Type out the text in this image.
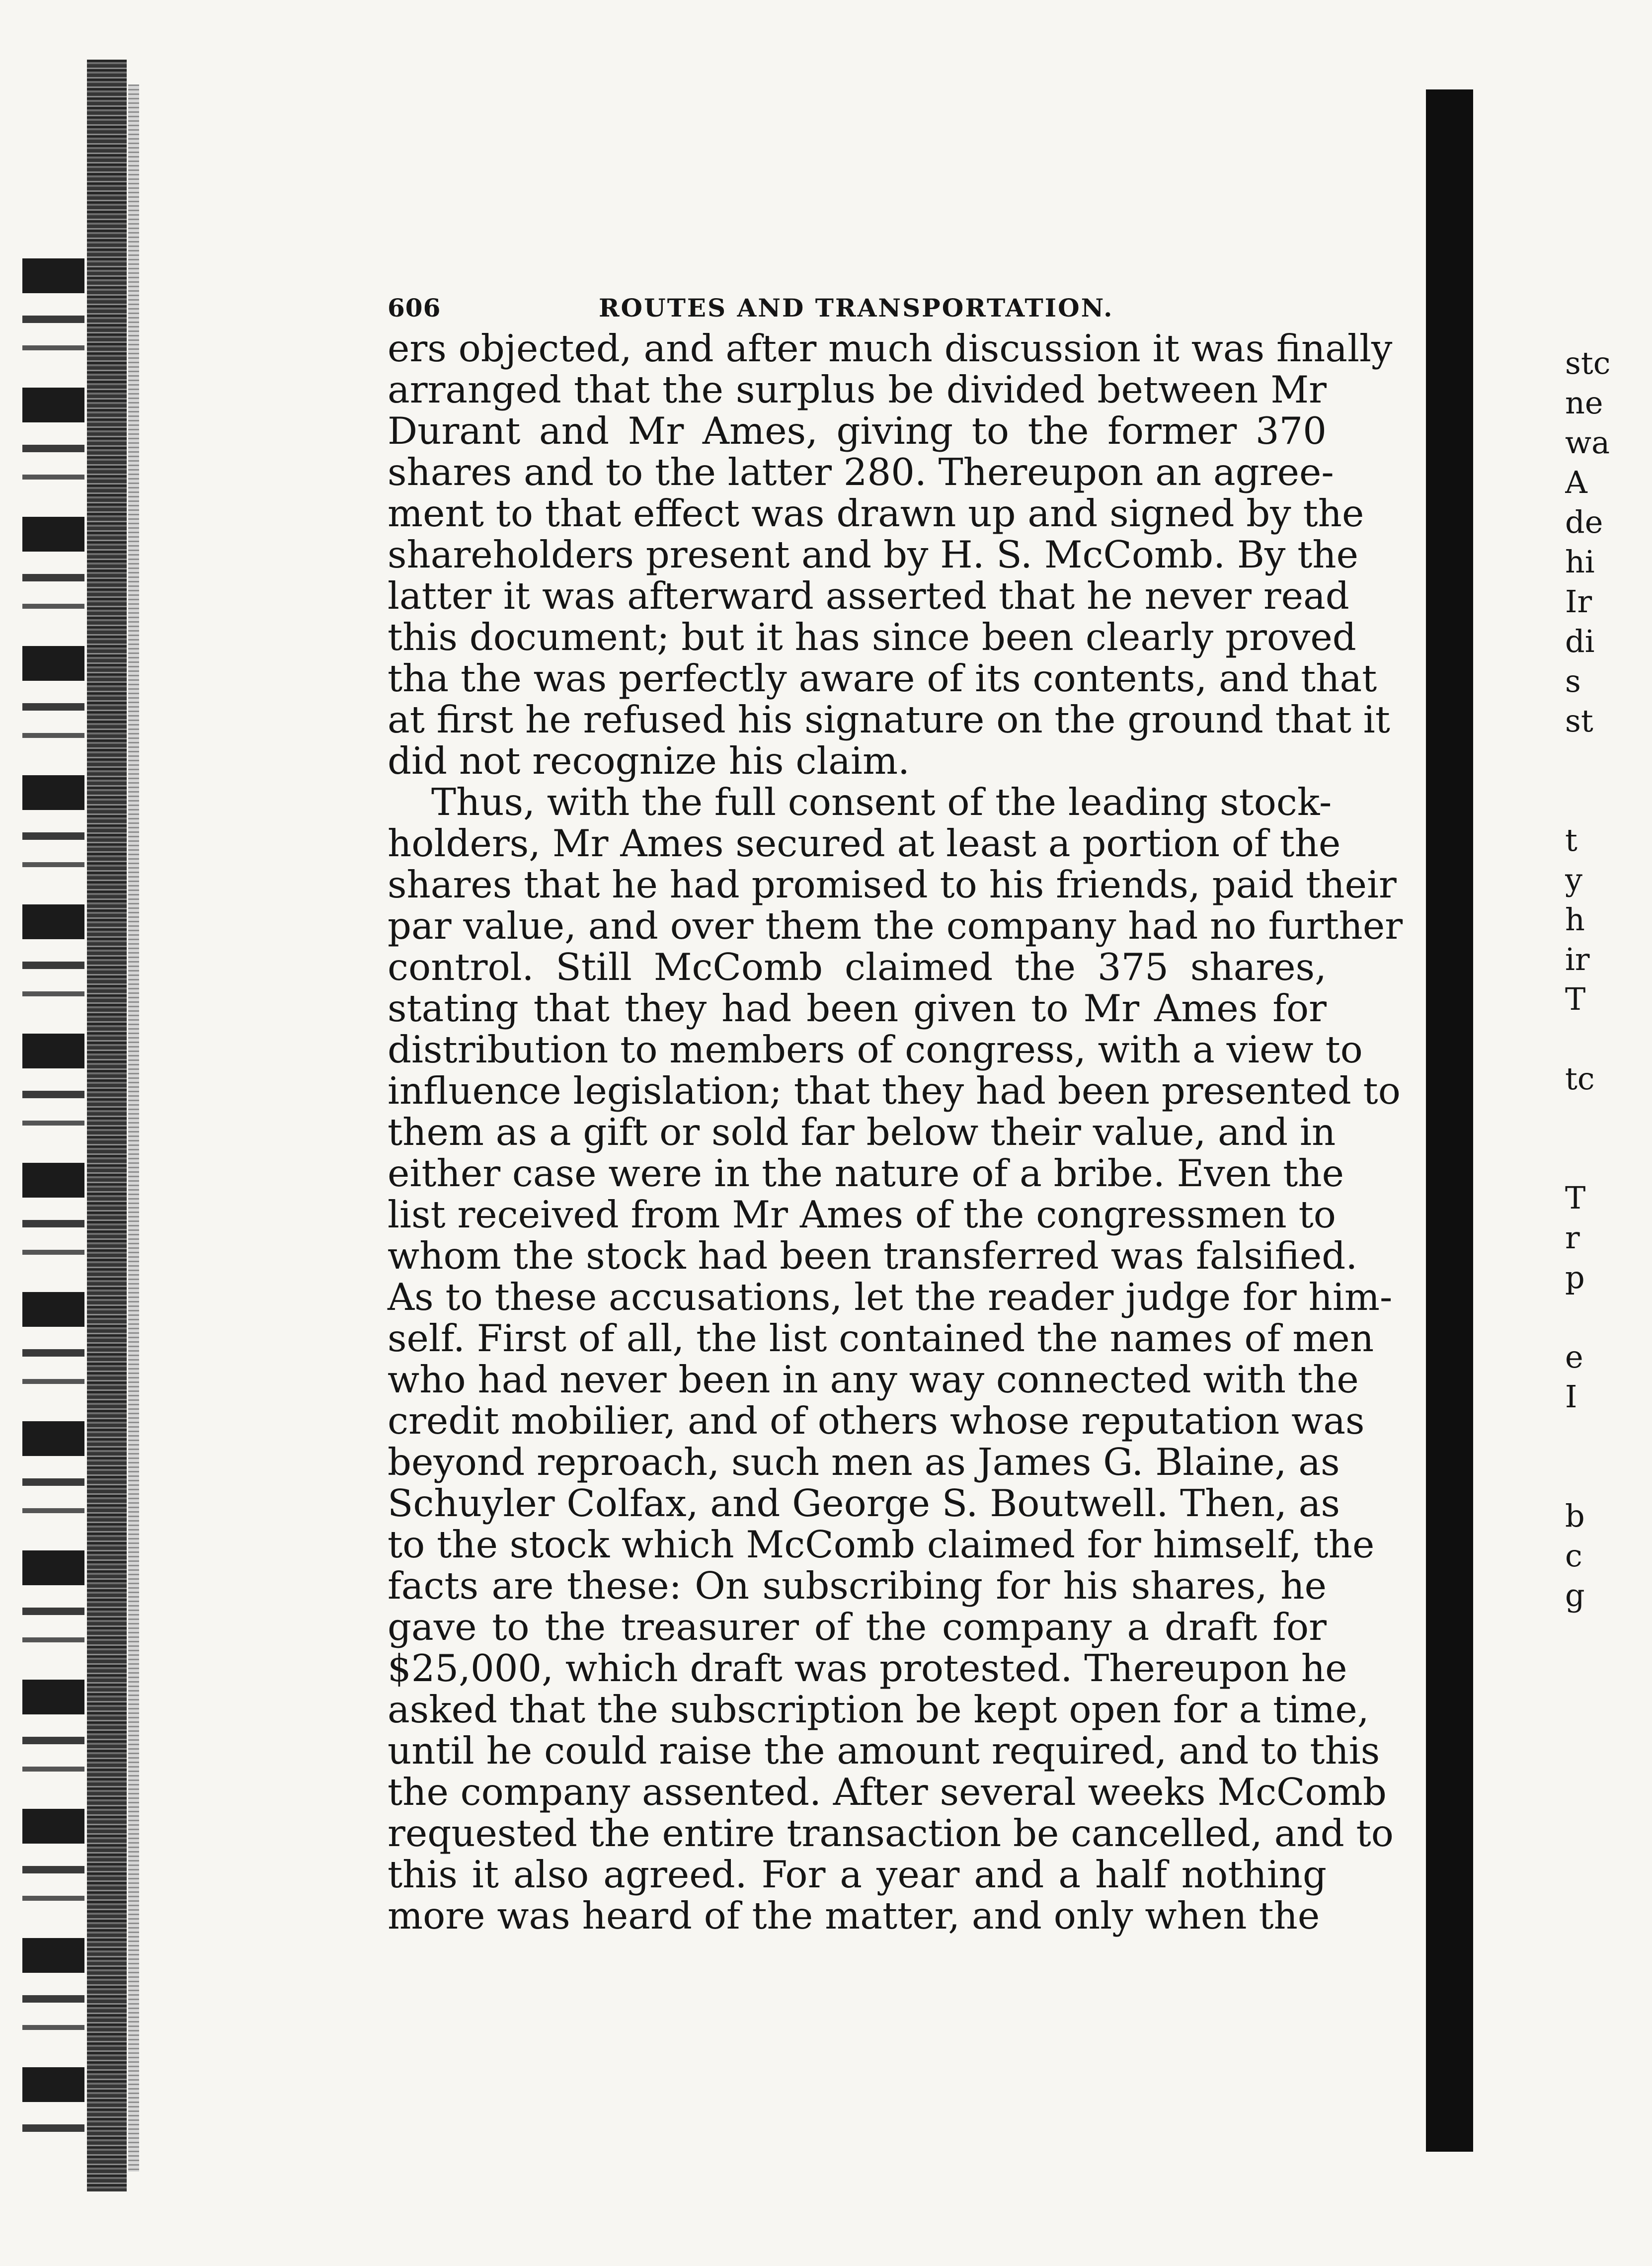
stc
ne
wa
A
de
hi
Ir
di
s
st
t
y
h
ir
T
tc
T
r
p
e
I
b
c
g
606	ROUTES AND TRANSPORTATION.
ers objected, and after much discussion it was finally
arranged that the surplus be divided between Mr
Durant and Mr Ames, giving to the former 370
shares and to the latter 280. Thereupon an agree-
ment to that effect was drawn up and signed by the
shareholders present and by H. S. McComb. By the
latter it was afterward asserted that he never read
this document; but it has since been clearly proved
tha the was perfectly aware of its contents, and that
at first he refused his signature on the ground that it
did not recognize his claim.
Thus, with the full consent of the leading stock-
holders, Mr Ames secured at least a portion of the
shares that he had promised to his friends, paid their
par value, and over them the company had no further
control. Still McComb claimed the 375 shares,
stating that they had been given to Mr Ames for
distribution to members of congress, with a view to
influence legislation; that they had been presented to
them as a gift or sold far below their value, and in
either case were in the nature of a bribe. Even the
list received from Mr Ames of the congressmen to
whom the stock had been transferred was falsified.
As to these accusations, let the reader judge for him-
self. First of all, the list contained the names of men
who had never been in any way connected with the
credit mobilier, and of others whose reputation was
beyond reproach, such men as James G. Blaine, as
Schuyler Colfax, and George S. Boutwell. Then, as
to the stock which McComb claimed for himself, the
facts are these: On subscribing for his shares, he
gave to the treasurer of the company a draft for
$25,000, which draft was protested. Thereupon he
asked that the subscription be kept open for a time,
until he could raise the amount required, and to this
the company assented. After several weeks McComb
requested the entire transaction be cancelled, and to
this it also agreed. For a year and a half nothing
more was heard of the matter, and only when the
